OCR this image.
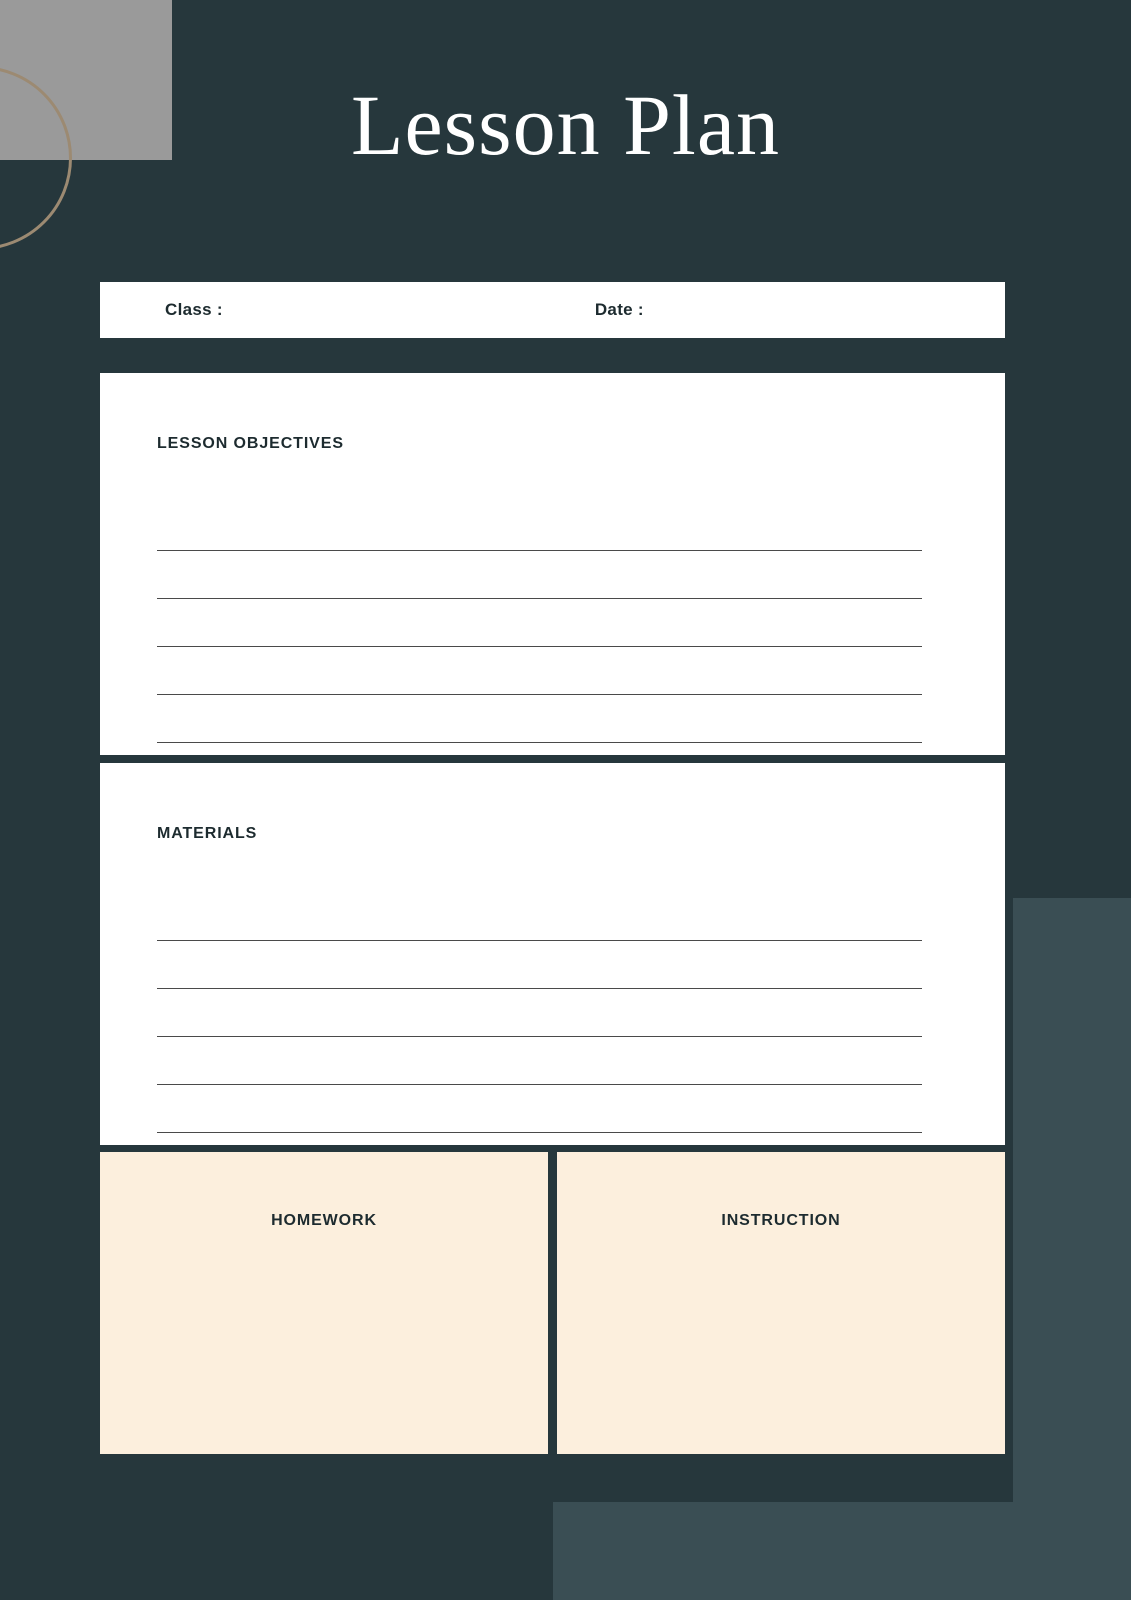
Lesson Plan
Class :	Date :
LESSON OBJECTIVES
MATERIALS
HOMEWORK	INSTRUCTION
